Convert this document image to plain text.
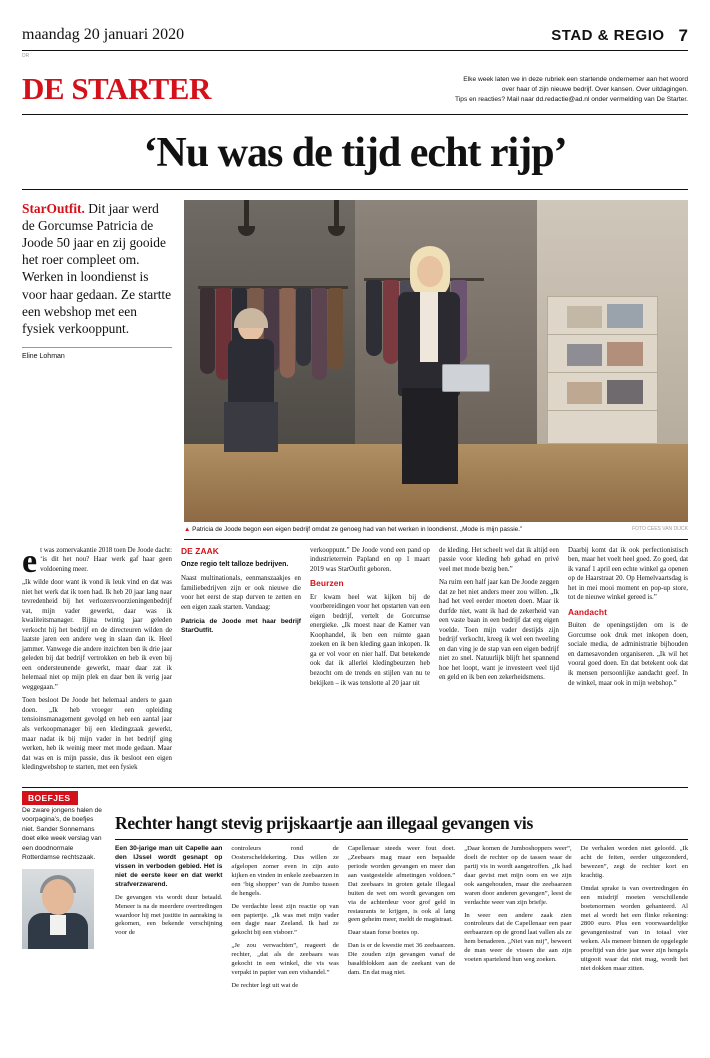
maandag 20 januari 2020	STAD & REGIO 7
DR
DE STARTER	Elke week laten we in deze rubriek een startende ondernemer aan het woord
over haar of zijn nieuwe bedrijf. Over kansen. Over uitdagingen.
Tips en reacties? Mail naar dd.redactie@ad.nl onder vermelding van De Starter.
‘Nu was de tijd echt rijp’
StarOutfit. Dit jaar werd de Gorcumse Patricia de Joode 50 jaar en zij gooide het roer compleet om. Werken in loondienst is voor haar gedaan. Ze startte een webshop met een fysiek verkooppunt.
Eline Lohman
▲ Patricia de Joode begon een eigen bedrijf omdat ze genoeg had van het werken in loondienst. „Mode is mijn passie.”	FOTO CEES VAN DIJCK

et was zomervakantie 2018 toen De Joode dacht: ‘is dit het nou? Haar werk gaf haar geen voldoening meer.

„Ik wilde door want ik vond ik leuk vind en dat was niet het werk dat ik toen had. Ik heb 20 jaar lang naar tevredenheid bij het verlozersvoorzieningenbedrijf vat, mijn vader gewerkt, daar was ik kwaliteitsmanager. Bijna twintig jaar geleden verkocht hij het bedrijf en de directeuren wilden de laatste jaren een andere weg in slaan dan ik. Heel jammer. Vanwege die andere inzichten ben ik drie jaar geleden bij dat bedrijf vertrokken en heb ik even bij een ondersteunende gewerkt, maar daar zat ik helemaal niet op mijn plek en daar ben ik verig jaar weggegaan.”

Toen besloot De Joode het helemaal anders te gaan doen. „Ik heb vroeger een opleiding tensioinsmanagement gevolgd en heb een aantal jaar als verkoopmanager bij een kledingzaak gewerkt, maar nadat ik bij mijn vader in het bedrijf ging werken, heb ik weinig meer met mode gedaan. Maar dat was en is mijn passie, dus ik besloot een eigen kledingwebshop te starten, met een fysiek

DE ZAAK
Onze regio telt talloze bedrijven.

Naast multinationals, eenmanszaakjes en familiebedrijven zijn er ook nieuwe die voor het eerst de stap durven te zetten en een eigen zaak starten. Vandaag:

Patricia de Joode met haar bedrijf StarOutfit.

verkooppunt.” De Joode vond een pand op industrieterrein Papland en op 1 maart 2019 was StarOutfit geboren.

Beurzen

Er kwam heel wat kijken bij de voorbereidingen voor het opstarten van een eigen bedrijf, vertelt de Gorcumse energieke. „Ik moest naar de Kamer van Koophandel, ik ben een ruimte gaan zoeken en ik ben kleding gaan inkopen. Ik ga er vol voor en nier half. Dat betekende ook dat ik allerlei kledingbeurzen heb bezocht om de trends en stijlen van nu te bekijken – ik was tenslotte al 20 jaar uit

de kleding. Het scheelt wel dat ik altijd een passie voor kleding heb gehad en privé veel met mode bezig ben.”

Na ruim een half jaar kan De Joode zeggen dat ze het niet anders meer zou willen. „Ik had het veel eerder moeten doen. Maar ik durfde niet, want ik had de zekerheid van een vaste baan in een bedrijf dat erg eigen voelde. Toen mijn vader destijds zijn bedrijf verkocht, kreeg ik wel een tweeling en dan ving je de stap van een eigen bedrijf niet zo snel. Natuurlijk blijft het spannend hoe het loopt, want je investeert veel tijd en geld en ik ben een zekerheidsmens.

Daarbij komt dat ik ook perfectionistisch ben, maar het voelt heel goed. Zo goed, dat ik vanaf 1 april een echte winkel ga openen op de Haarstraat 20. Op Hemelvaartsdag is het in mei mooi moment en pop-up store, tot de nieuwe winkel gereed is.”

Aandacht

Buiten de openingstijden om is de Gorcumse ook druk met inkopen doen, sociale media, de administratie bijhouden en damesavonden organiseren. „Ik wil het vooral goed doen. En dat betekent ook dat ik mensen persoonlijke aandacht geef. In de winkel, maar ook in mijn webshop.”

BOEFJES
De zware jongens halen de voorpagina’s, de boefjes niet. Sander Sonnemans doet elke week verslag van een doodnormale Rotterdamse rechtszaak.
Rechter hangt stevig prijskaartje aan illegaal gevangen vis

Een 30-jarige man uit Capelle aan den IJssel wordt gesnapt op vissen in verboden gebied. Het is niet de eerste keer en dat werkt strafverzwarend.

De gevangen vis wordt duur betaald. Meneer is na de meerdere overtredingen waardoor hij met justitie in aanraking is gekomen, een bekende verschijning voor de

controleurs rond de Oosterscheldekering. Dus willen ze afgelopen zomer even in zijn auto kijken en vinden in enkele zeebaarzen in een ‘big shopper’ van de Jumbo tussen de hengels.

De verdachte leest zijn reactie op van een papiertje. „Ik was met mijn vader een dagje naar Zeeland. Ik had ze gekocht bij een visboer.”

„Je zou verwachten”, reageert de rechter, „dat als de zeebaars was gekocht in een winkel, die vis was verpakt in papier van een vishandel.”

De rechter legt uit wat de

Capellenaar steeds weer fout doet. „Zeebaars mag maar een bepaalde periode worden gevangen en meer dan aan vastgestelde afmetingen voldoen.” Dat zeebaars in groten getale illegaal buiten de wet om wordt gevangen om via de achterdeur voor grof geld in restaurants te krijgen, is ook al lang geen geheim meer, meldt de magistraat.

Daar staan forse boetes op.

Dan is er de kwestie met 36 zeebaarzen. Die zouden zijn gevangen vanaf de basaltblokken aan de zeekant van de dam. En dat mag niet.

„Daar komen de Jumboshoppers weer”, doelt de rechter op de tassen waar de partij vis in wordt aangetroffen. „Ik had daar gevist met mijn oom en we zijn ook aangehouden, maar die zeebaarzen waren door anderen gevangen”, leest de verdachte weer van zijn briefje.

In weer een andere zaak zien controleurs dat de Capellenaar een paar eerbaarzen op de grond laat vallen als ze hem benaderen. „Niet van mij”, beweert de man weer de vissen die aan zijn voeten spartelend hun weg zoeken.

De verhalen worden niet geloofd. „Ik acht de feiten, eerder uitgezonderd, bewezen”, zegt de rechter kort en krachtig.

Omdat sprake is van overtredingen én een misdrijf moeten verschillende boetenormen worden gehanteerd. Al met al wordt het een flinke rekening: 2800 euro. Plus een voorwaardelijke gevangenisstraf van in totaal vier weken. Als meneer binnen de opgelegde proeftijd van drie jaar weer zijn hengels uitgooit waar dat niet mag, wordt het niet dokken maar zitten.
